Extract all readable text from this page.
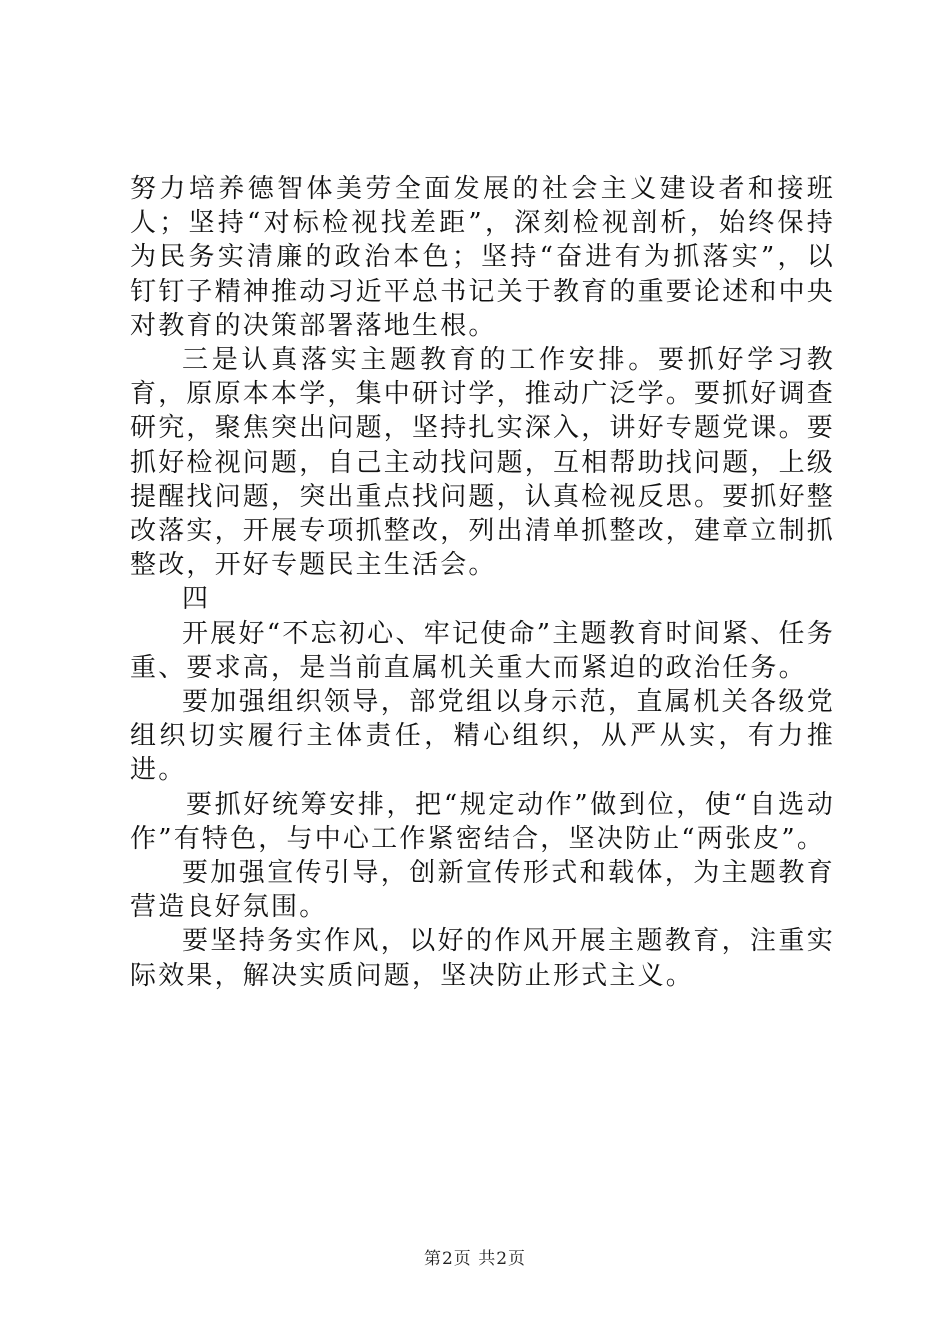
努力培养德智体美劳全面发展的社会主义建设者和接班人；坚持“对标检视找差距”，深刻检视剖析，始终保持为民务实清廉的政治本色；坚持“奋进有为抓落实”，以钉钉子精神推动习近平总书记关于教育的重要论述和中央对教育的决策部署落地生根。

三是认真落实主题教育的工作安排。要抓好学习教育，原原本本学，集中研讨学，推动广泛学。要抓好调查研究，聚焦突出问题，坚持扎实深入，讲好专题党课。要抓好检视问题，自己主动找问题，互相帮助找问题，上级提醒找问题，突出重点找问题，认真检视反思。要抓好整改落实，开展专项抓整改，列出清单抓整改，建章立制抓整改，开好专题民主生活会。

四

开展好“不忘初心、牢记使命”主题教育时间紧、任务重、要求高，是当前直属机关重大而紧迫的政治任务。

要加强组织领导，部党组以身示范，直属机关各级党组织切实履行主体责任，精心组织，从严从实，有力推进。

要抓好统筹安排，把“规定动作”做到位，使“自选动作”有特色，与中心工作紧密结合，坚决防止“两张皮”。

要加强宣传引导，创新宣传形式和载体，为主题教育营造良好氛围。

要坚持务实作风，以好的作风开展主题教育，注重实际效果，解决实质问题，坚决防止形式主义。

第2页 共2页
